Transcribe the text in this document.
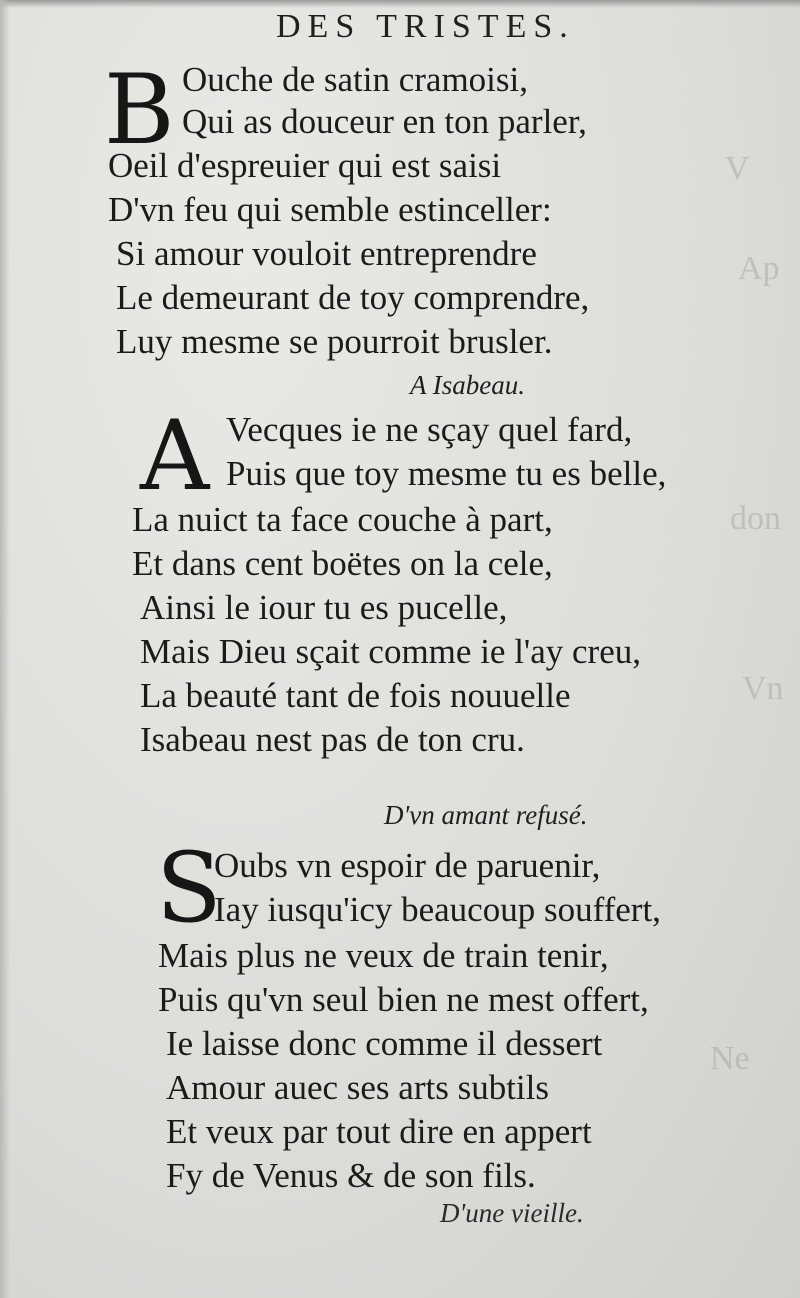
V
Ap
don
Vn
Ne
DES TRISTES.
B Ouche de satin cramoisi,
Qui as douceur en ton parler,
Oeil d'espreuier qui est saisi
D'vn feu qui semble estinceller:
Si amour vouloit entreprendre
Le demeurant de toy comprendre,
Luy mesme se pourroit brusler.
A Isabeau.
A Vecques ie ne sçay quel fard,
Puis que toy mesme tu es belle,
La nuict ta face couche à part,
Et dans cent boëtes on la cele,
Ainsi le iour tu es pucelle,
Mais Dieu sçait comme ie l'ay creu,
La beauté tant de fois nouuelle
Isabeau nest pas de ton cru.
D'vn amant refusé.
S
Oubs vn espoir de paruenir,
Iay iusqu'icy beaucoup souffert,
Mais plus ne veux de train tenir,
Puis qu'vn seul bien ne mest offert,
Ie laisse donc comme il dessert
Amour auec ses arts subtils
Et veux par tout dire en appert
Fy de Venus & de son fils.
D'une vieille.
